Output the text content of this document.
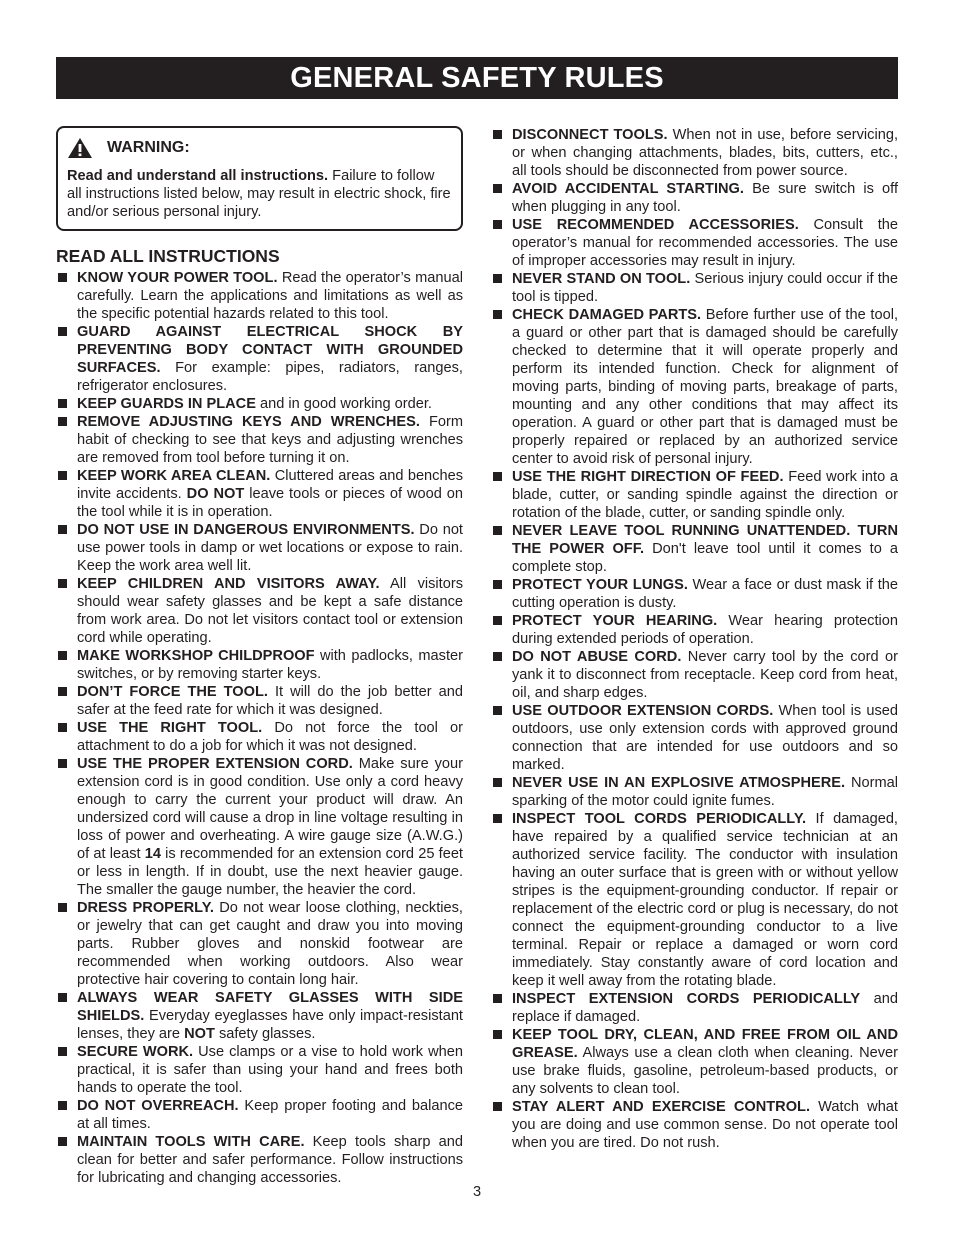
GENERAL SAFETY RULES
WARNING:
Read and understand all instructions. Failure to follow all instructions listed below, may result in electric shock, fire and/or serious personal injury.
READ ALL INSTRUCTIONS
KNOW YOUR POWER TOOL. Read the operator’s manual carefully. Learn the applications and limitations as well as the specific potential hazards related to this tool.
GUARD AGAINST ELECTRICAL SHOCK BY PREVENTING BODY CONTACT WITH GROUNDED SURFACES. For example: pipes, radiators, ranges, refrigerator enclosures.
KEEP GUARDS IN PLACE and in good working order.
REMOVE ADJUSTING KEYS AND WRENCHES. Form habit of checking to see that keys and adjusting wrenches are removed from tool before turning it on.
KEEP WORK AREA CLEAN. Cluttered areas and benches invite accidents. DO NOT leave tools or pieces of wood on the tool while it is in operation.
DO NOT USE IN DANGEROUS ENVIRONMENTS. Do not use power tools in damp or wet locations or expose to rain. Keep the work area well lit.
KEEP CHILDREN AND VISITORS AWAY. All visitors should wear safety glasses and be kept a safe distance from work area. Do not let visitors contact tool or extension cord while operating.
MAKE WORKSHOP CHILDPROOF with padlocks, master switches, or by removing starter keys.
DON’T FORCE THE TOOL. It will do the job better and safer at the feed rate for which it was designed.
USE THE RIGHT TOOL. Do not force the tool or attachment to do a job for which it was not designed.
USE THE PROPER EXTENSION CORD. Make sure your extension cord is in good condition. Use only a cord heavy enough to carry the current your product will draw. An undersized cord will cause a drop in line voltage resulting in loss of power and overheating. A wire gauge size (A.W.G.) of at least 14 is recommended for an extension cord 25 feet or less in length. If in doubt, use the next heavier gauge. The smaller the gauge number, the heavier the cord.
DRESS PROPERLY. Do not wear loose clothing, neckties, or jewelry that can get caught and draw you into moving parts. Rubber gloves and nonskid footwear are recommended when working outdoors. Also wear protective hair covering to contain long hair.
ALWAYS WEAR SAFETY GLASSES WITH SIDE SHIELDS. Everyday eyeglasses have only impact-resistant lenses, they are NOT safety glasses.
SECURE WORK. Use clamps or a vise to hold work when practical, it is safer than using your hand and frees both hands to operate the tool.
DO NOT OVERREACH. Keep proper footing and balance at all times.
MAINTAIN TOOLS WITH CARE. Keep tools sharp and clean for better and safer performance. Follow instructions for lubricating and changing accessories.
DISCONNECT TOOLS. When not in use, before servicing, or when changing attachments, blades, bits, cutters, etc., all tools should be disconnected from power source.
AVOID ACCIDENTAL STARTING. Be sure switch is off when plugging in any tool.
USE RECOMMENDED ACCESSORIES. Consult the operator’s manual for recommended accessories. The use of improper accessories may result in injury.
NEVER STAND ON TOOL. Serious injury could occur if the tool is tipped.
CHECK DAMAGED PARTS. Before further use of the tool, a guard or other part that is damaged should be carefully checked to determine that it will operate properly and perform its intended function. Check for alignment of moving parts, binding of moving parts, breakage of parts, mounting and any other conditions that may affect its operation. A guard or other part that is damaged must be properly repaired or replaced by an authorized service center to avoid risk of personal injury.
USE THE RIGHT DIRECTION OF FEED. Feed work into a blade, cutter, or sanding spindle against the direction or rotation of the blade, cutter, or sanding spindle only.
NEVER LEAVE TOOL RUNNING UNATTENDED. TURN THE POWER OFF. Don't leave tool until it comes to a complete stop.
PROTECT YOUR LUNGS. Wear a face or dust mask if the cutting operation is dusty.
PROTECT YOUR HEARING. Wear hearing protection during extended periods of operation.
DO NOT ABUSE CORD. Never carry tool by the cord or yank it to disconnect from receptacle. Keep cord from heat, oil, and sharp edges.
USE OUTDOOR EXTENSION CORDS. When tool is used outdoors, use only extension cords with approved ground connection that are intended for use outdoors and so marked.
NEVER USE IN AN EXPLOSIVE ATMOSPHERE. Normal sparking of the motor could ignite fumes.
INSPECT TOOL CORDS PERIODICALLY. If damaged, have repaired by a qualified service technician at an authorized service facility. The conductor with insulation having an outer surface that is green with or without yellow stripes is the equipment-grounding conductor. If repair or replacement of the electric cord or plug is necessary, do not connect the equipment-grounding conductor to a live terminal. Repair or replace a damaged or worn cord immediately. Stay constantly aware of cord location and keep it well away from the rotating blade.
INSPECT EXTENSION CORDS PERIODICALLY and replace if damaged.
KEEP TOOL DRY, CLEAN, AND FREE FROM OIL AND GREASE. Always use a clean cloth when cleaning. Never use brake fluids, gasoline, petroleum-based products, or any solvents to clean tool.
STAY ALERT AND EXERCISE CONTROL. Watch what you are doing and use common sense. Do not operate tool when you are tired. Do not rush.
3
